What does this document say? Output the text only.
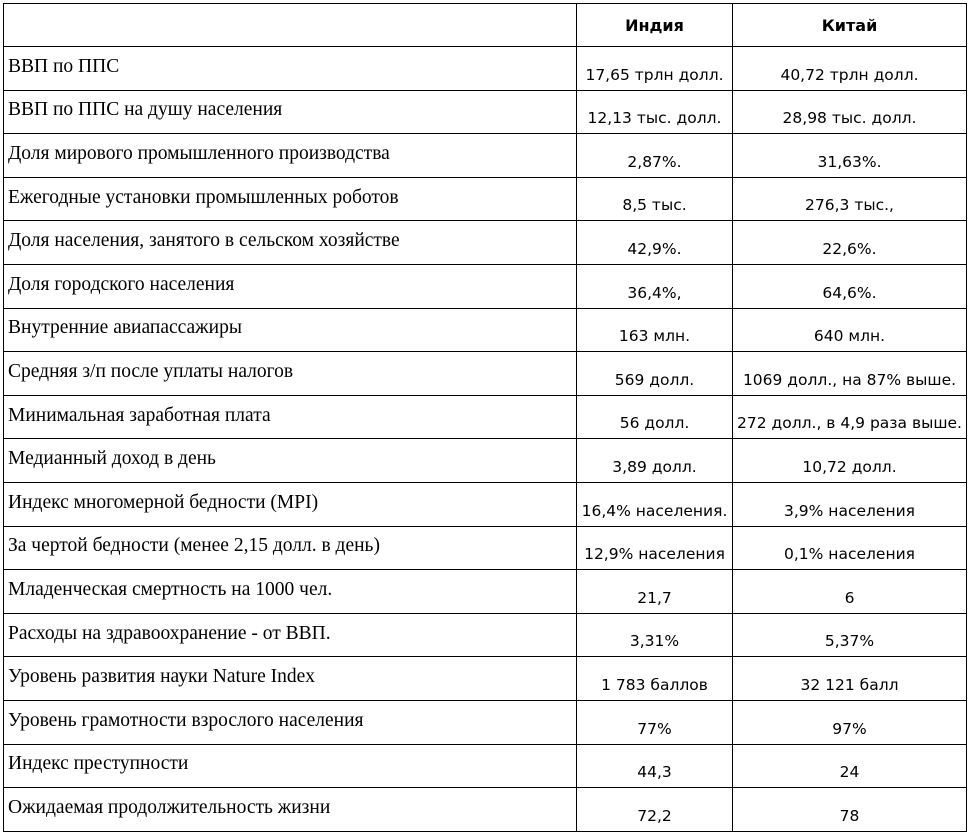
	Индия	Китай
ВВП по ППС	17,65 трлн долл.	40,72 трлн долл.
ВВП по ППС на душу населения	12,13 тыс. долл.	28,98 тыс. долл.
Доля мирового промышленного производства	2,87%.	31,63%.
Ежегодные установки промышленных роботов	8,5 тыс.	276,3 тыс.,
Доля населения, занятого в сельском хозяйстве	42,9%.	22,6%.
Доля городского населения	36,4%,	64,6%.
Внутренние авиапассажиры	163 млн.	640 млн.
Средняя з/п после уплаты налогов	569 долл.	1069 долл., на 87% выше.
Минимальная заработная плата	56 долл.	272 долл., в 4,9 раза выше.
Медианный доход в день	3,89 долл.	10,72 долл.
Индекс многомерной бедности (MPI)	16,4% населения.	3,9% населения
За чертой бедности (менее 2,15 долл. в день)	12,9% населения	0,1% населения
Младенческая смертность на 1000 чел.	21,7	6
Расходы на здравоохранение - от ВВП.	3,31%	5,37%
Уровень развития науки Nature Index	1 783 баллов	32 121 балл
Уровень грамотности взрослого населения	77%	97%
Индекс преступности	44,3	24
Ожидаемая продолжительность жизни	72,2	78
